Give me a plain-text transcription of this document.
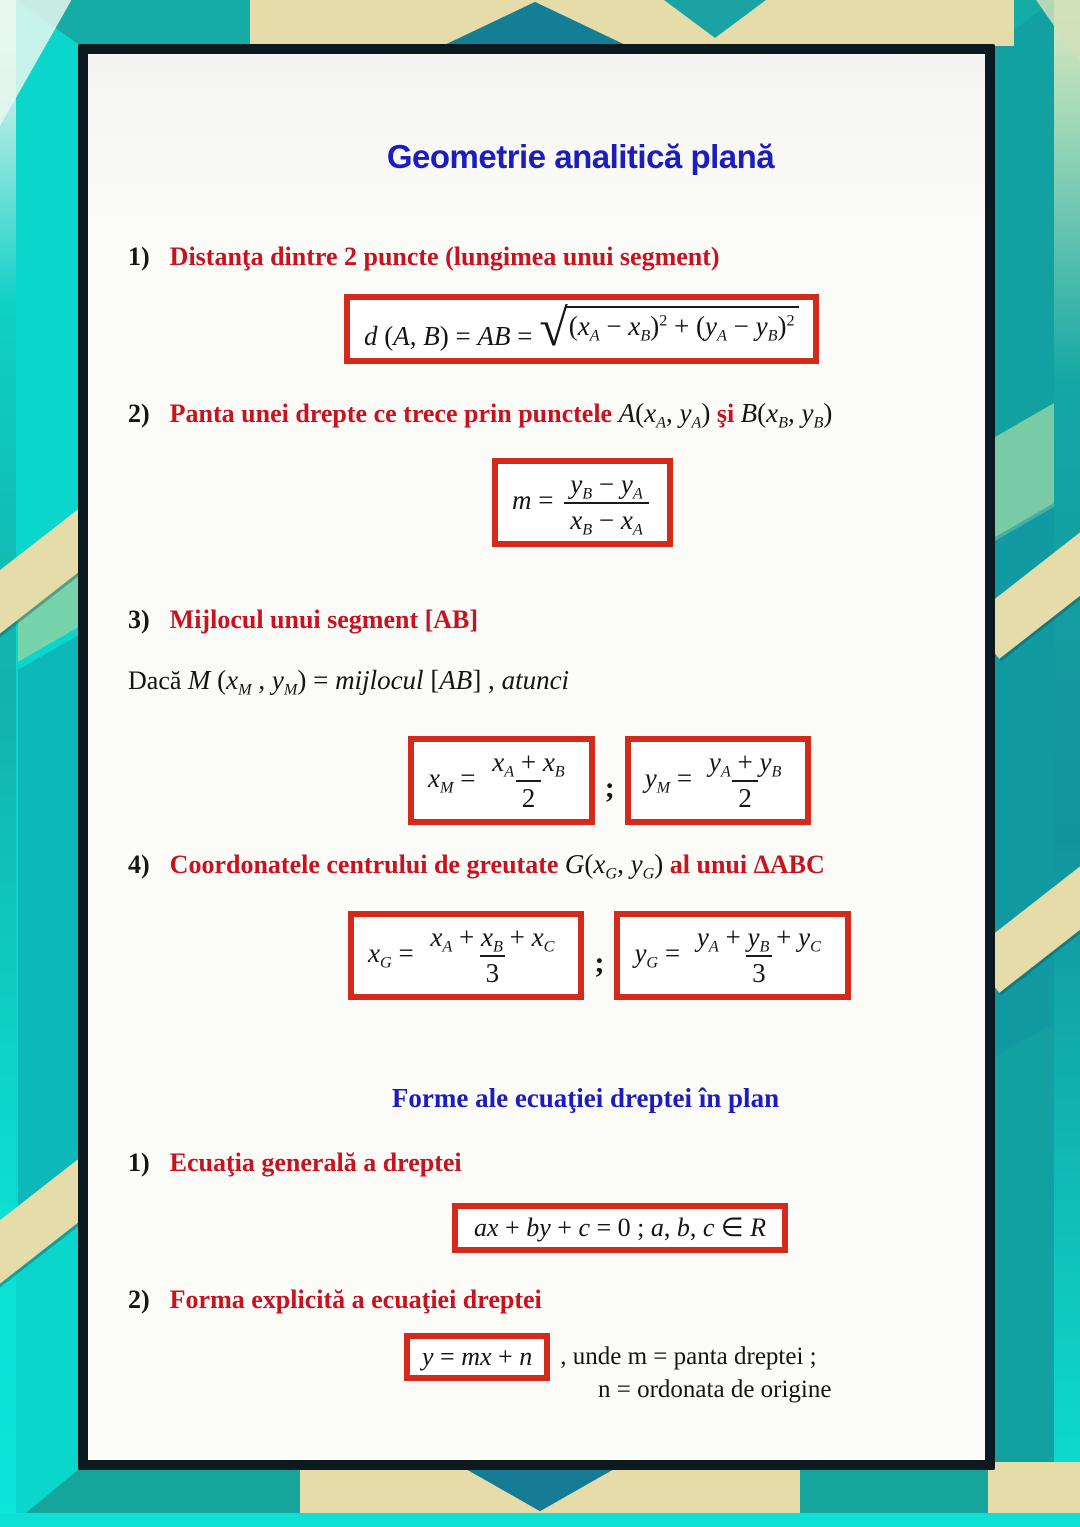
Geometrie analitică plană
1) Distanţa dintre 2 puncte (lungimea unui segment)
d (A, B) = AB = √ $(x_A - x_B)^2 + (y_A - y_B)^2$
2) Panta unei drepte ce trece prin punctele $A(x_A$, $y_A$) şi $B(x_B$, $y_B$)
$m = \frac{y_B - y_A}{x_B - x_A}$
3) Mijlocul unui segment [AB]
Dacă M ($x_M$ , $y_M$) = mijlocul [AB] , atunci
$x_M = \frac{x_A + x_B}{2}$ ;	$y_M = \frac{y_A + y_B}{2}$
4) Coordonatele centrului de greutate $G(x_G$, $y_G$) al unui ΔABC
$x_G = \frac{x_A + x_B + x_C}{3}$ ;	$y_G = \frac{y_A + y_B + y_C}{3}$
Forme ale ecuaţiei dreptei în plan
1) Ecuaţia generală a dreptei
ax + by + c = 0 ; a, b, c ∈ R
2) Forma explicită a ecuaţiei dreptei
y = mx + n	, unde m = panta dreptei ;
n = ordonata de origine
